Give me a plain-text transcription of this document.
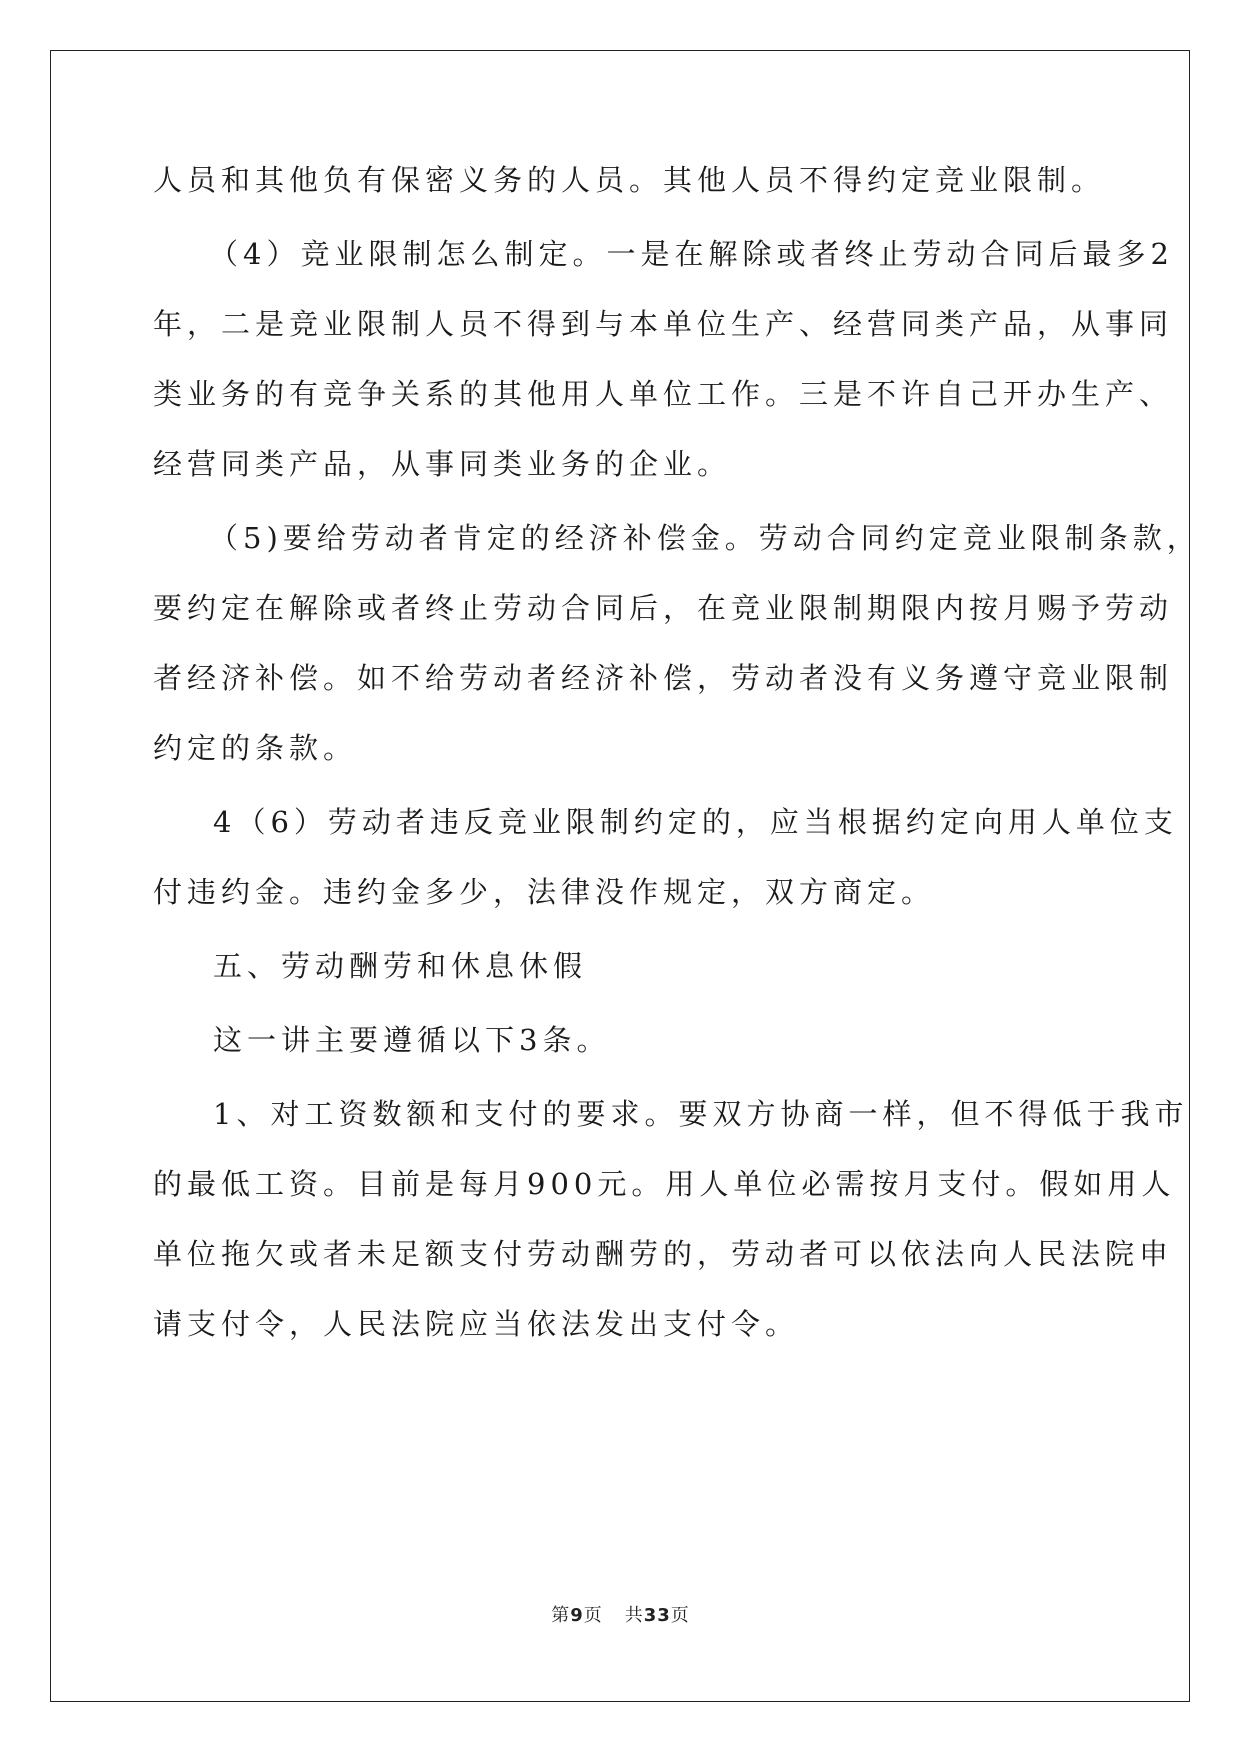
人员和其他负有保密义务的人员。其他人员不得约定竞业限制。
（4）竞业限制怎么制定。一是在解除或者终止劳动合同后最多2
年，二是竞业限制人员不得到与本单位生产、经营同类产品，从事同
类业务的有竞争关系的其他用人单位工作。三是不许自己开办生产、
经营同类产品，从事同类业务的企业。
（5)要给劳动者肯定的经济补偿金。劳动合同约定竞业限制条款，
要约定在解除或者终止劳动合同后，在竞业限制期限内按月赐予劳动
者经济补偿。如不给劳动者经济补偿，劳动者没有义务遵守竞业限制
约定的条款。
4（6）劳动者违反竞业限制约定的，应当根据约定向用人单位支
付违约金。违约金多少，法律没作规定，双方商定。
五、劳动酬劳和休息休假
这一讲主要遵循以下3条。
1、对工资数额和支付的要求。要双方协商一样，但不得低于我市
的最低工资。目前是每月900元。用人单位必需按月支付。假如用人
单位拖欠或者未足额支付劳动酬劳的，劳动者可以依法向人民法院申
请支付令，人民法院应当依法发出支付令。
第9页 共33页
